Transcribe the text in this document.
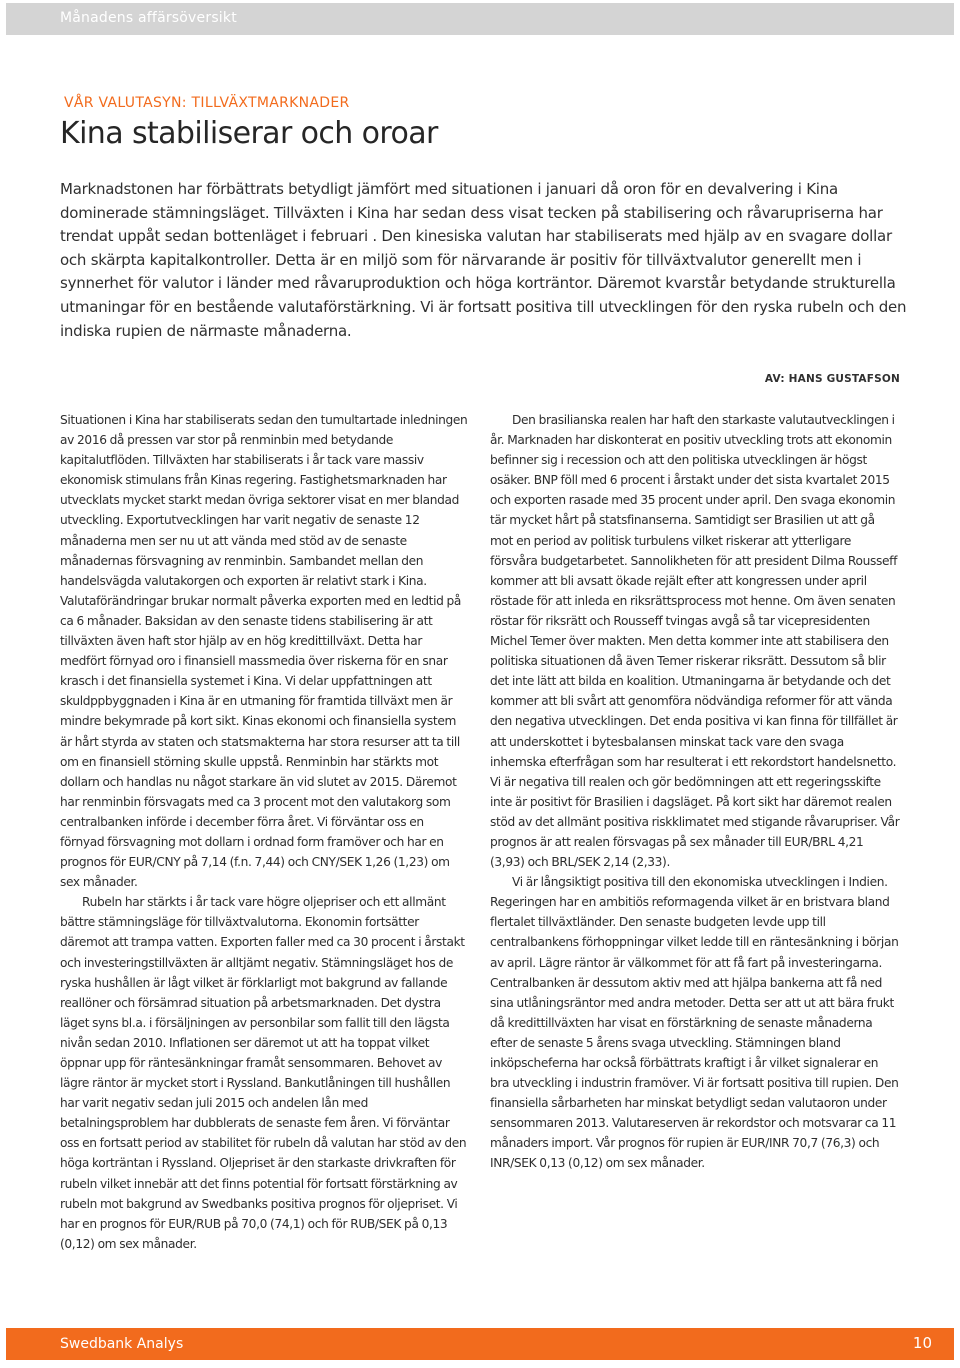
Månadens affärsöversikt
VÅR VALUTASYN: TILLVÄXTMARKNADER
Kina stabiliserar och oroar

Marknadstonen har förbättrats betydligt jämfört med situationen i januari då oron för en devalvering i Kina dominerade stämningsläget. Tillväxten i Kina har sedan dess visat tecken på stabilisering och råvarupriserna har trendat uppåt sedan bottenläget i februari . Den kinesiska valutan har stabiliserats med hjälp av en svagare dollar och skärpta kapitalkontroller. Detta är en miljö som för närvarande är positiv för tillväxtvalutor generellt men i synnerhet för valutor i länder med råvaruproduktion och höga korträntor. Däremot kvarstår betydande strukturella utmaningar för en bestående valutaförstärkning. Vi är fortsatt positiva till utvecklingen för den ryska rubeln och den indiska rupien de närmaste månaderna.

AV: HANS GUSTAFSON

Situationen i Kina har stabiliserats sedan den tumultartade inledningen av 2016 då pressen var stor på renminbin med betydande kapitalutflöden. Tillväxten har stabiliserats i år tack vare massiv ekonomisk stimulans från Kinas regering. Fastighetsmarknaden har utvecklats mycket starkt medan övriga sektorer visat en mer blandad utveckling. Exportutvecklingen har varit negativ de senaste 12 månaderna men ser nu ut att vända med stöd av de senaste månadernas försvagning av renminbin. Sambandet mellan den handelsvägda valutakorgen och exporten är relativt stark i Kina. Valutaförändringar brukar normalt påverka exporten med en ledtid på ca 6 månader. Baksidan av den senaste tidens stabilisering är att tillväxten även haft stor hjälp av en hög kredittillväxt. Detta har medfört förnyad oro i finansiell massmedia över riskerna för en snar krasch i det finansiella systemet i Kina. Vi delar uppfattningen att skuldppbyggnaden i Kina är en utmaning för framtida tillväxt men är mindre bekymrade på kort sikt. Kinas ekonomi och finansiella system är hårt styrda av staten och statsmakterna har stora resurser att ta till om en finansiell störning skulle uppstå. Renminbin har stärkts mot dollarn och handlas nu något starkare än vid slutet av 2015. Däremot har renminbin försvagats med ca 3 procent mot den valutakorg som centralbanken införde i december förra året. Vi förväntar oss en förnyad försvagning mot dollarn i ordnad form framöver och har en prognos för EUR/CNY på 7,14 (f.n. 7,44) och CNY/SEK 1,26 (1,23) om sex månader.

Rubeln har stärkts i år tack vare högre oljepriser och ett allmänt bättre stämningsläge för tillväxtvalutorna. Ekonomin fortsätter däremot att trampa vatten. Exporten faller med ca 30 procent i årstakt och investeringstillväxten är alltjämt negativ. Stämningsläget hos de ryska hushållen är lågt vilket är förklarligt mot bakgrund av fallande reallöner och försämrad situation på arbetsmarknaden. Det dystra läget syns bl.a. i försäljningen av personbilar som fallit till den lägsta nivån sedan 2010. Inflationen ser däremot ut att ha toppat vilket öppnar upp för räntesänkningar framåt sensommaren. Behovet av lägre räntor är mycket stort i Ryssland. Bankutlåningen till hushållen har varit negativ sedan juli 2015 och andelen lån med betalningsproblem har dubblerats de senaste fem åren. Vi förväntar oss en fortsatt period av stabilitet för rubeln då valutan har stöd av den höga korträntan i Ryssland. Oljepriset är den starkaste drivkraften för rubeln vilket innebär att det finns potential för fortsatt förstärkning av rubeln mot bakgrund av Swedbanks positiva prognos för oljepriset. Vi har en prognos för EUR/RUB på 70,0 (74,1) och för RUB/SEK på 0,13 (0,12) om sex månader.

Den brasilianska realen har haft den starkaste valutautvecklingen i år. Marknaden har diskonterat en positiv utveckling trots att ekonomin befinner sig i recession och att den politiska utvecklingen är högst osäker. BNP föll med 6 procent i årstakt under det sista kvartalet 2015 och exporten rasade med 35 procent under april. Den svaga ekonomin tär mycket hårt på statsfinanserna. Samtidigt ser Brasilien ut att gå mot en period av politisk turbulens vilket riskerar att ytterligare försvåra budgetarbetet. Sannolikheten för att president Dilma Rousseff kommer att bli avsatt ökade rejält efter att kongressen under april röstade för att inleda en riksrättsprocess mot henne. Om även senaten röstar för riksrätt och Rousseff tvingas avgå så tar vicepresidenten Michel Temer över makten. Men detta kommer inte att stabilisera den politiska situationen då även Temer riskerar riksrätt. Dessutom så blir det inte lätt att bilda en koalition. Utmaningarna är betydande och det kommer att bli svårt att genomföra nödvändiga reformer för att vända den negativa utvecklingen. Det enda positiva vi kan finna för tillfället är att underskottet i bytesbalansen minskat tack vare den svaga inhemska efterfrågan som har resulterat i ett rekordstort handelsnetto. Vi är negativa till realen och gör bedömningen att ett regeringsskifte inte är positivt för Brasilien i dagsläget. På kort sikt har däremot realen stöd av det allmänt positiva riskklimatet med stigande råvarupriser. Vår prognos är att realen försvagas på sex månader till EUR/BRL 4,21 (3,93) och BRL/SEK 2,14 (2,33).

Vi är långsiktigt positiva till den ekonomiska utvecklingen i Indien. Regeringen har en ambitiös reformagenda vilket är en bristvara bland flertalet tillväxtländer. Den senaste budgeten levde upp till centralbankens förhoppningar vilket ledde till en räntesänkning i början av april. Lägre räntor är välkommet för att få fart på investeringarna. Centralbanken är dessutom aktiv med att hjälpa bankerna att få ned sina utlåningsräntor med andra metoder. Detta ser att ut att bära frukt då kredittillväxten har visat en förstärkning de senaste månaderna efter de senaste 5 årens svaga utveckling. Stämningen bland inköpscheferna har också förbättrats kraftigt i år vilket signalerar en bra utveckling i industrin framöver. Vi är fortsatt positiva till rupien. Den finansiella sårbarheten har minskat betydligt sedan valutaoron under sensommaren 2013. Valutareserven är rekordstor och motsvarar ca 11 månaders import. Vår prognos för rupien är EUR/INR 70,7 (76,3) och INR/SEK 0,13 (0,12) om sex månader.

Swedbank Analys	10
